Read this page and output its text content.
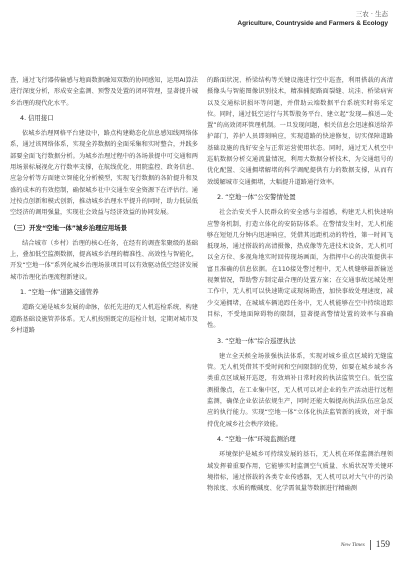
三农 · 生态
Agriculture, Countryside and Farmers & Ecology

查，通过飞行器传输感与地面数据融知双数的协同感知，运用AI算法进行深度分析，形成安全监测、预警及处置的闭环管理，显著提升城乡治理的现代化水平。

4. 信用接口

依城乡治理网格平台建设中，路点构建勤态化信息感知线网络体系，通过该网络体系，实现全养数据的全面采集和实时整合，并践多部要全面飞行数据分析。为城乡治理过程中的各场景提中可交通和两用场景标展视化方行数率支撑，在航线优化、用院监控、政务信息、应急分析等方面建立智能化分析模型，实现飞行数据的各阶提升和及盛的成本的有效控制，确保城乡社中交通生安全资源下在评估行。通过按点创新和模式创新，推动城乡治理水平提升的同时，助力低层低空经济的调用强量，实现社会效益与经济效益的协同发展。

（三）开发“空地一体”城乡治理应用场景

结合城市（乡村）治理的核心任务，在经有的调查浆聚级的基础上，叠加低空监测数据，提高城乡治理的精准性、高效性与智能化，开发“空地一体”系列化城乡治理场景项目可以有效驱动低空经济发展城市治理化治理流程新建议。

1. “空地一体”道路交通管养

道路交通是城乡发展的命脉，依托先进的无人机巡检系统，构建道路基础设施管养体系。无人机按照既定的巡检计划，定期对城市及乡村道路

的路面状况、桥梁结构等关键设施进行空中巡查，利用搭载的高清摄像头与智能图像识别技术，精准捕捉路面裂缝、坑洼、桥梁病害以及交通标识损坏等问题，并借助云端数据平台系统实时将采定位。同时，通过低空运行与其帮股务平台、建立起“发现—推送—处置”的高效闭环管理机制。一旦发现问题，相关信息会迅速推送给养护部门，养护人员即刻响应，实现道路的快速修复，切实保障道路基础设施的良好安全与正常运营使用状态。同时，通过无人机空中巡航数据分析交通流量情况，利用大数据分析技术，为交通组号的优化配置、交通拥堵解堵的科学调配提供有力的数据支撑，从而有效缓解城市交通拥堵，大幅提升道路通行效率。

2. “空地一体”公安警情处置

社会治安关乎人民群众的安全感与幸福感，构建无人机快速响应警务机制，打造立体化的安防防体系。在警情发生时，无人机能够在短短几分钟内迅速响应，凭借其远距机动的特性，第一时间飞抵现场，通过搭载的高清摄像，热成像等先进技术设备，无人机可以全方位、多视角地实时回传现场画面，为指挥中心的决策提供丰富且准确的信息依据。在110接处警过程中，无人机缝够最新输送视频情况，帮助警方制定最合理的处置方案；在交通事故远城处理工作中，无人机可以快速勘定或现场勘查，加快事故处理速度，减少交通拥堵，在城域车辆追踪任务中，无人机能够在空中持续追踪目标，不受地面障碍物的限制，显著提高警情处置的效率与准确性。

3. “空地一体”综合巡逻执法

建立全天候全场景强执法体系，实现对城乡重点区域的无缝监管。无人机凭借其不受时间和空间限制的优势，如要在城乡域乡各类重点区域展开巡逻，有效填补日常时段的执法监管空白。低空监测摄像点，在工业集中区，无人机可以对企业的生产活动进行远程监测，确保企业依法依规生产，同时还能大幅提高执法队伍应急反应的执行能力。实现“空地一体”立体化执法监管新的质效，对于维持优化城乡社会秩序效能。

4. “空地一体”环境监测治理

环境保护是城乡可持续发展的基石，无人机在环保监测治理领域发挥着重要作用，它能够实时监测空气质量、水质状况等关键环境指标，通过搭载的各类专业传感器，无人机可以对大气中的污染物浓度、水质的酸碱度、化学需氧量等数据进行精确测

New Times 159
